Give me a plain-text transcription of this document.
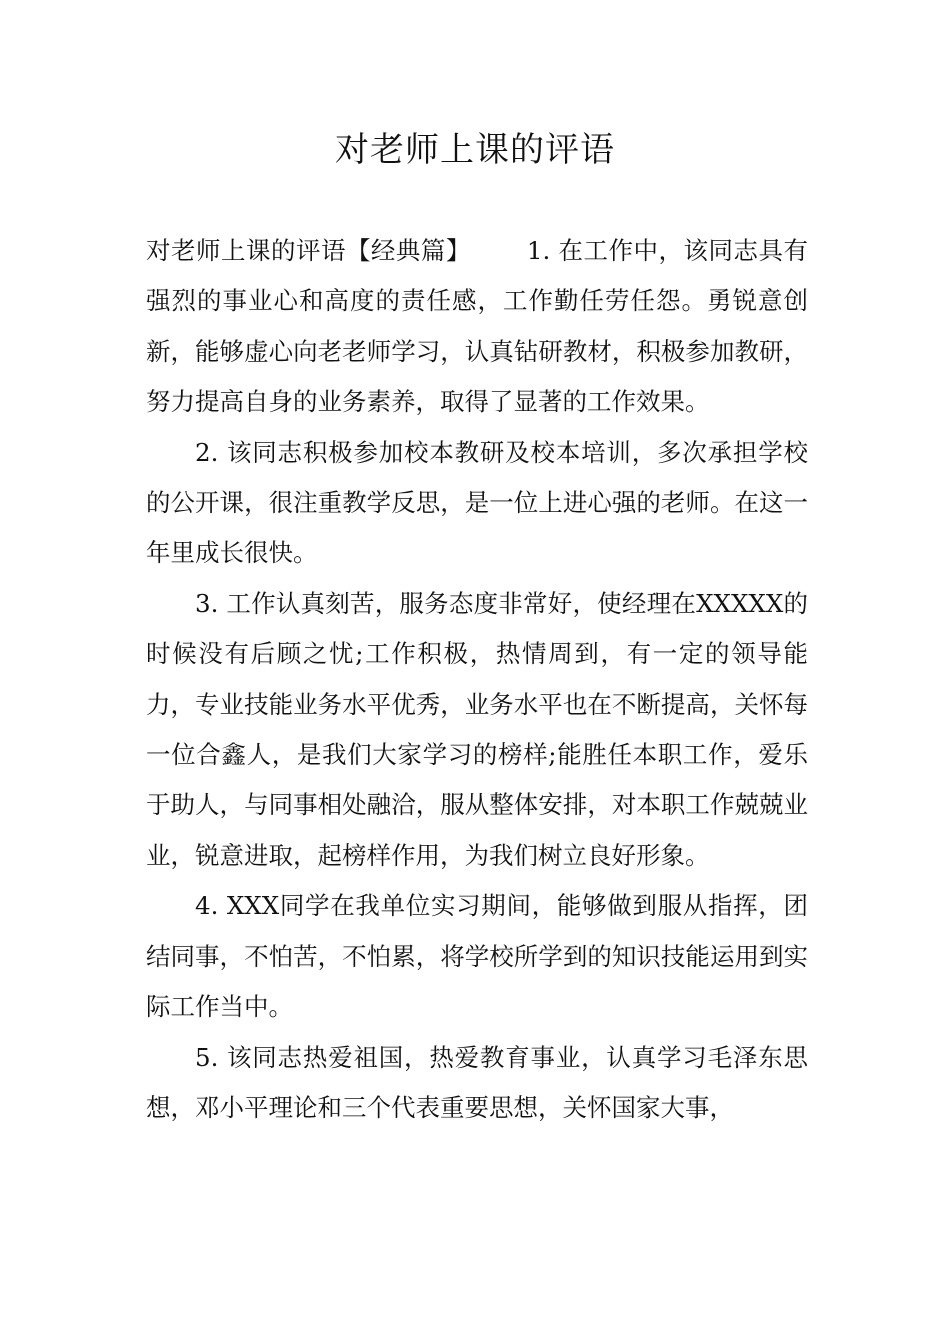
对老师上课的评语

对老师上课的评语【经典篇】 1. 在工作中，该同志具有强烈的事业心和高度的责任感，工作勤任劳任怨。勇锐意创新，能够虚心向老老师学习，认真钻研教材，积极参加教研，努力提高自身的业务素养，取得了显著的工作效果。

2. 该同志积极参加校本教研及校本培训，多次承担学校的公开课，很注重教学反思，是一位上进心强的老师。在这一年里成长很快。

3. 工作认真刻苦，服务态度非常好，使经理在XXXXX的时候没有后顾之忧;工作积极，热情周到，有一定的领导能力，专业技能业务水平优秀，业务水平也在不断提高，关怀每一位合鑫人，是我们大家学习的榜样;能胜任本职工作，爱乐于助人，与同事相处融洽，服从整体安排，对本职工作兢兢业业，锐意进取，起榜样作用，为我们树立良好形象。

4. XXX同学在我单位实习期间，能够做到服从指挥，团结同事，不怕苦，不怕累，将学校所学到的知识技能运用到实际工作当中。

5. 该同志热爱祖国，热爱教育事业，认真学习毛泽东思想，邓小平理论和三个代表重要思想，关怀国家大事，
